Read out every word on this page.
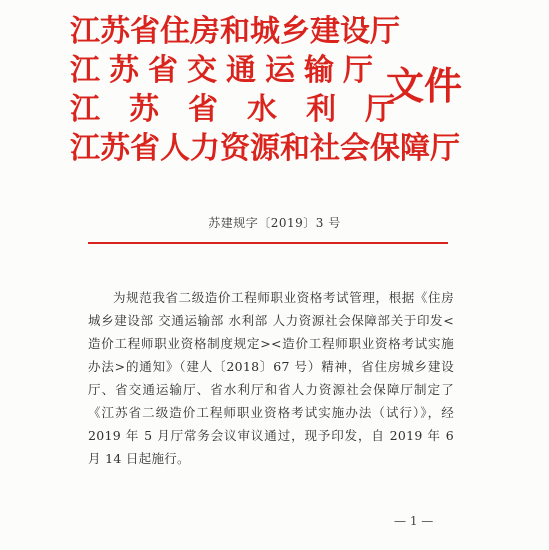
江苏省住房和城乡建设厅
江苏省交通运输厅
江苏省水利厅
江苏省人力资源和社会保障厅
文件
苏建规字〔2019〕3 号

为规范我省二级造价工程师职业资格考试管理，根据《住房城乡建设部 交通运输部 水利部 人力资源社会保障部关于印发<造价工程师职业资格制度规定><造价工程师职业资格考试实施办法>的通知》（建人〔2018〕67 号）精神，省住房城乡建设厅、省交通运输厅、省水利厅和省人力资源社会保障厅制定了《江苏省二级造价工程师职业资格考试实施办法（试行）》，经 2019 年 5 月厅常务会议审议通过，现予印发，自 2019 年 6 月 14 日起施行。

— 1 —
